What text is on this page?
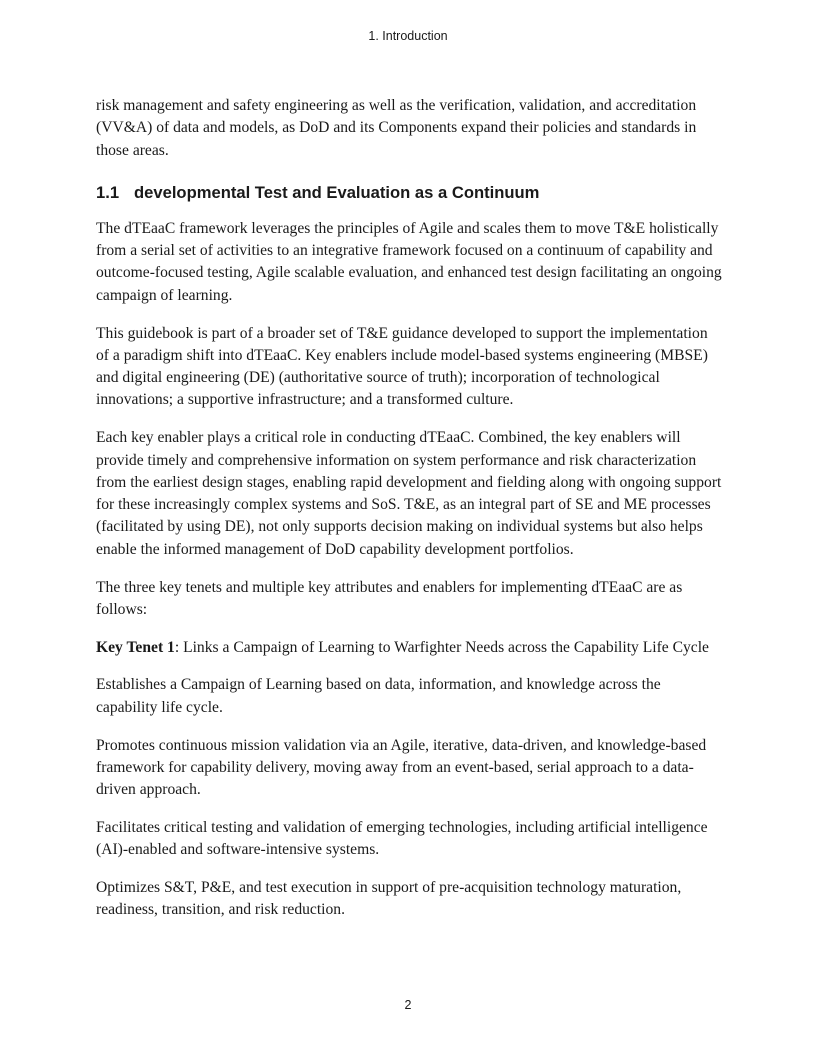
1. Introduction

risk management and safety engineering as well as the verification, validation, and accreditation (VV&A) of data and models, as DoD and its Components expand their policies and standards in those areas.

1.1 developmental Test and Evaluation as a Continuum

The dTEaaC framework leverages the principles of Agile and scales them to move T&E holistically from a serial set of activities to an integrative framework focused on a continuum of capability and outcome-focused testing, Agile scalable evaluation, and enhanced test design facilitating an ongoing campaign of learning.

This guidebook is part of a broader set of T&E guidance developed to support the implementation of a paradigm shift into dTEaaC. Key enablers include model-based systems engineering (MBSE) and digital engineering (DE) (authoritative source of truth); incorporation of technological innovations; a supportive infrastructure; and a transformed culture.

Each key enabler plays a critical role in conducting dTEaaC. Combined, the key enablers will provide timely and comprehensive information on system performance and risk characterization from the earliest design stages, enabling rapid development and fielding along with ongoing support for these increasingly complex systems and SoS. T&E, as an integral part of SE and ME processes (facilitated by using DE), not only supports decision making on individual systems but also helps enable the informed management of DoD capability development portfolios.

The three key tenets and multiple key attributes and enablers for implementing dTEaaC are as follows:

Key Tenet 1: Links a Campaign of Learning to Warfighter Needs across the Capability Life Cycle

Establishes a Campaign of Learning based on data, information, and knowledge across the capability life cycle.

Promotes continuous mission validation via an Agile, iterative, data-driven, and knowledge-based framework for capability delivery, moving away from an event-based, serial approach to a data-driven approach.

Facilitates critical testing and validation of emerging technologies, including artificial intelligence (AI)-enabled and software-intensive systems.

Optimizes S&T, P&E, and test execution in support of pre-acquisition technology maturation, readiness, transition, and risk reduction.

2
